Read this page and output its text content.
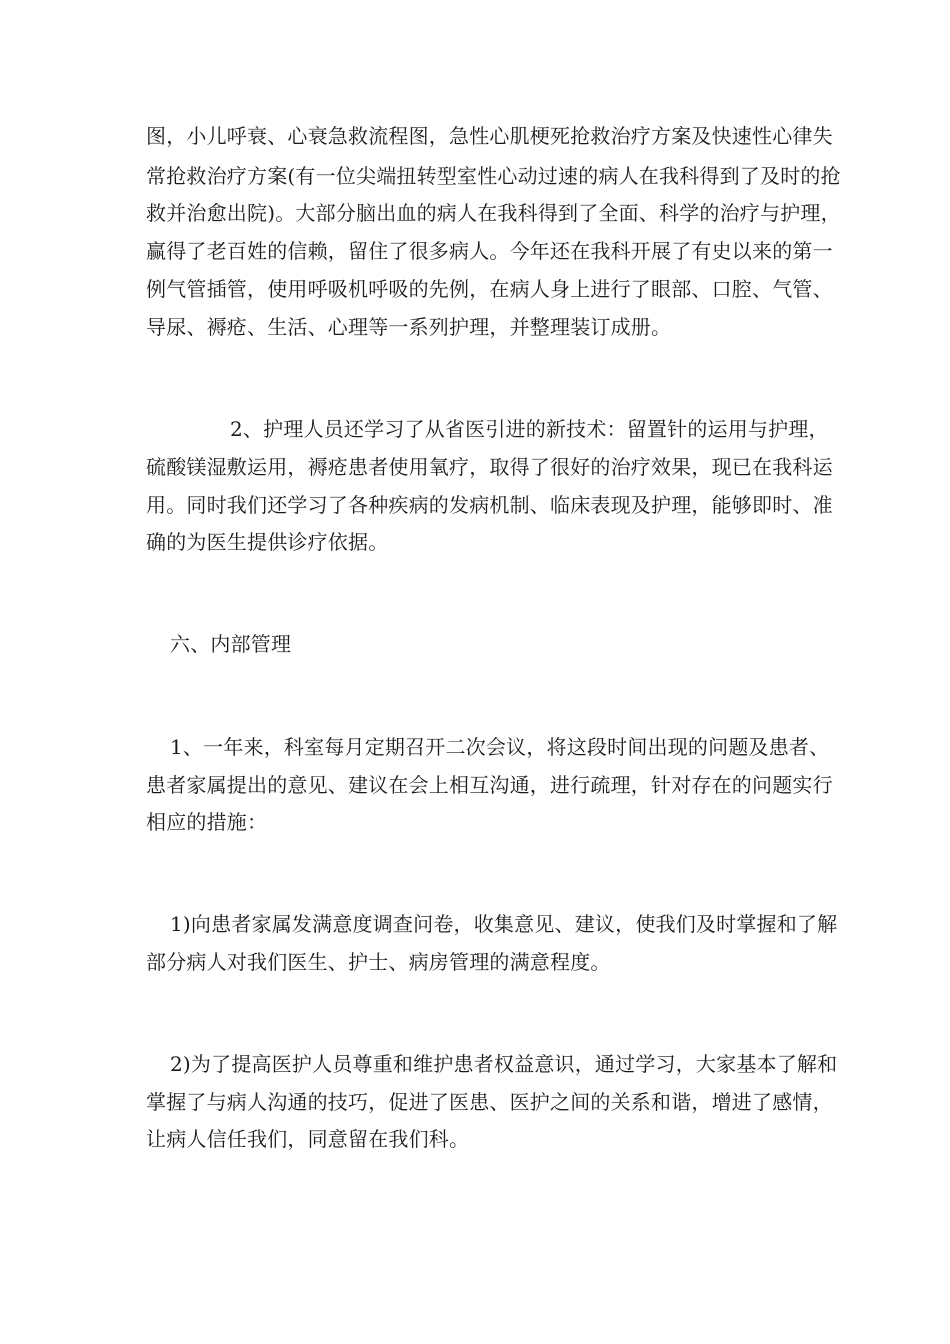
图，小儿呼衰、心衰急救流程图，急性心肌梗死抢救治疗方案及快速性心律失
常抢救治疗方案(有一位尖端扭转型室性心动过速的病人在我科得到了及时的抢
救并治愈出院)。大部分脑出血的病人在我科得到了全面、科学的治疗与护理，
赢得了老百姓的信赖，留住了很多病人。今年还在我科开展了有史以来的第一
例气管插管，使用呼吸机呼吸的先例，在病人身上进行了眼部、口腔、气管、
导尿、褥疮、生活、心理等一系列护理，并整理装订成册。
2、护理人员还学习了从省医引进的新技术：留置针的运用与护理，
硫酸镁湿敷运用，褥疮患者使用氧疗，取得了很好的治疗效果，现已在我科运
用。同时我们还学习了各种疾病的发病机制、临床表现及护理，能够即时、准
确的为医生提供诊疗依据。
六、内部管理
1、一年来，科室每月定期召开二次会议，将这段时间出现的问题及患者、
患者家属提出的意见、建议在会上相互沟通，进行疏理，针对存在的问题实行
相应的措施：
1)向患者家属发满意度调查问卷，收集意见、建议，使我们及时掌握和了解
部分病人对我们医生、护士、病房管理的满意程度。
2)为了提高医护人员尊重和维护患者权益意识，通过学习，大家基本了解和
掌握了与病人沟通的技巧，促进了医患、医护之间的关系和谐，增进了感情，
让病人信任我们，同意留在我们科。
